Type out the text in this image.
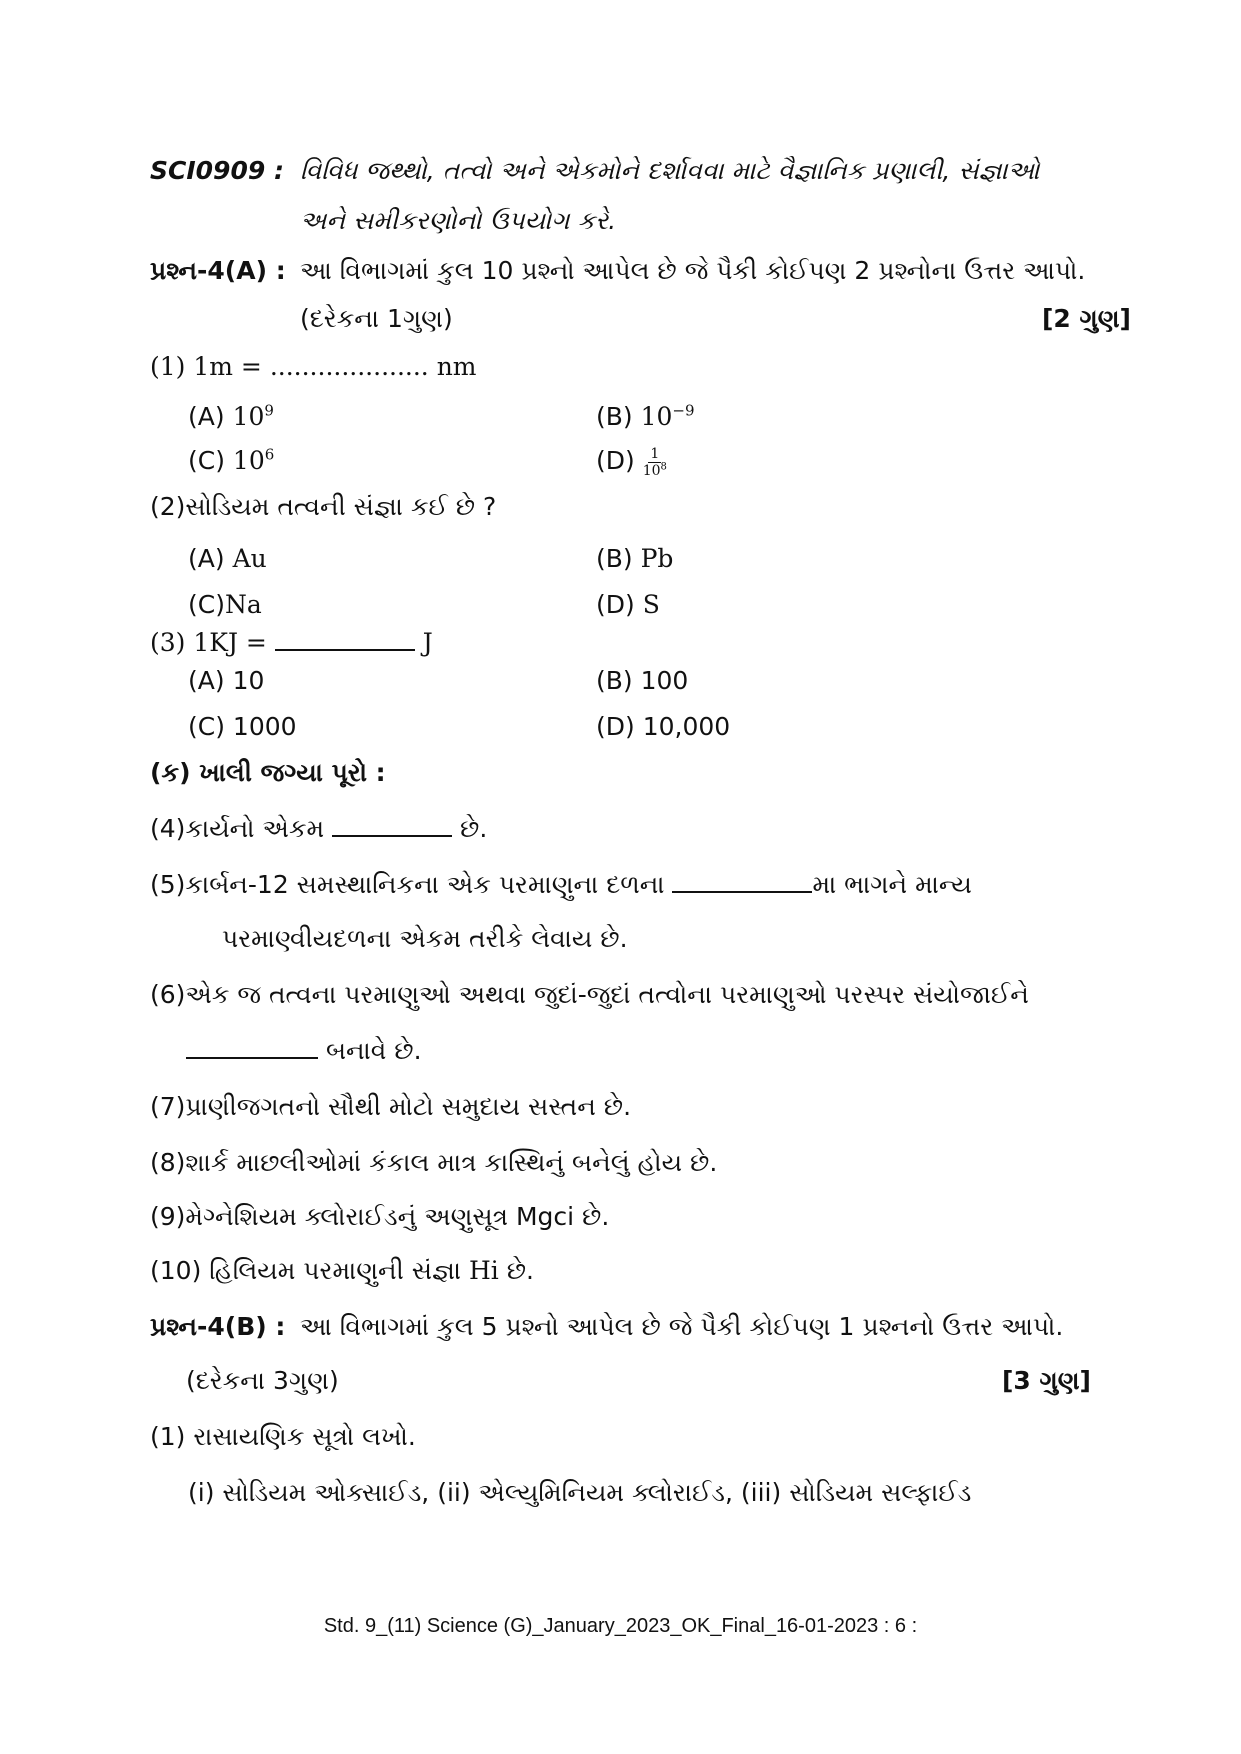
SCI0909 : વિવિધ જથ્થો, તત્વો અને એકમોને દર્શાવવા માટે વૈજ્ઞાનિક પ્રણાલી, સંજ્ઞાઓ
અને સમીકરણોનો ઉપયોગ કરે.
પ્રશ્ન-4(A) : આ વિભાગમાં કુલ 10 પ્રશ્નો આપેલ છે જે પૈકી કોઈપણ 2 પ્રશ્નોના ઉત્તર આપો.
(દરેકના 1ગુણ)	[2 ગુણ]
(1) 1m = .................... nm
(A) $10^9$	(B) $10^{-9}$
(C) $10^6$	$(D) \frac{1}{10^8}$
(2)સોડિયમ તત્વની સંજ્ઞા કઈ છે ?
(A) Au	(B) Pb
(C)Na	(D) S
(3) 1KJ =	J
(A) 10	(B) 100
(C) 1000	(D) 10,000
(ક) ખાલી જગ્યા પૂરો :
(4)કાર્યનો એકમ	છે.
(5)કાર્બન-12 સમસ્થાનિકના એક પરમાણુના દળના	મા ભાગને માન્ય
પરમાણ્વીયદળના એકમ તરીકે લેવાય છે.
(6)એક જ તત્વના પરમાણુઓ અથવા જુદાં-જુદાં તત્વોના પરમાણુઓ પરસ્પર સંયોજાઈને
બનાવે છે.
(7)પ્રાણીજગતનો સૌથી મોટો સમુદાય સસ્તન છે.
(8)શાર્ક માછલીઓમાં કંકાલ માત્ર કાસ્થિનું બનેલું હોય છે.
(9)મેગ્નેશિયમ ક્લોરાઈડનું અણુસૂત્ર Mgci છે.
(10) હિલિયમ પરમાણુની સંજ્ઞા Hi છે.
પ્રશ્ન-4(B) : આ વિભાગમાં કુલ 5 પ્રશ્નો આપેલ છે જે પૈકી કોઈપણ 1 પ્રશ્નનો ઉત્તર આપો.
(દરેકના 3ગુણ)	[3 ગુણ]
(1) રાસાયણિક સૂત્રો લખો.
(i) સોડિયમ ઓક્સાઈડ, (ii) એલ્યુમિનિયમ ક્લોરાઈડ, (iii) સોડિયમ સલ્ફાઈડ
Std. 9_(11) Science (G)_January_2023_OK_Final_16-01-2023 : 6 :
